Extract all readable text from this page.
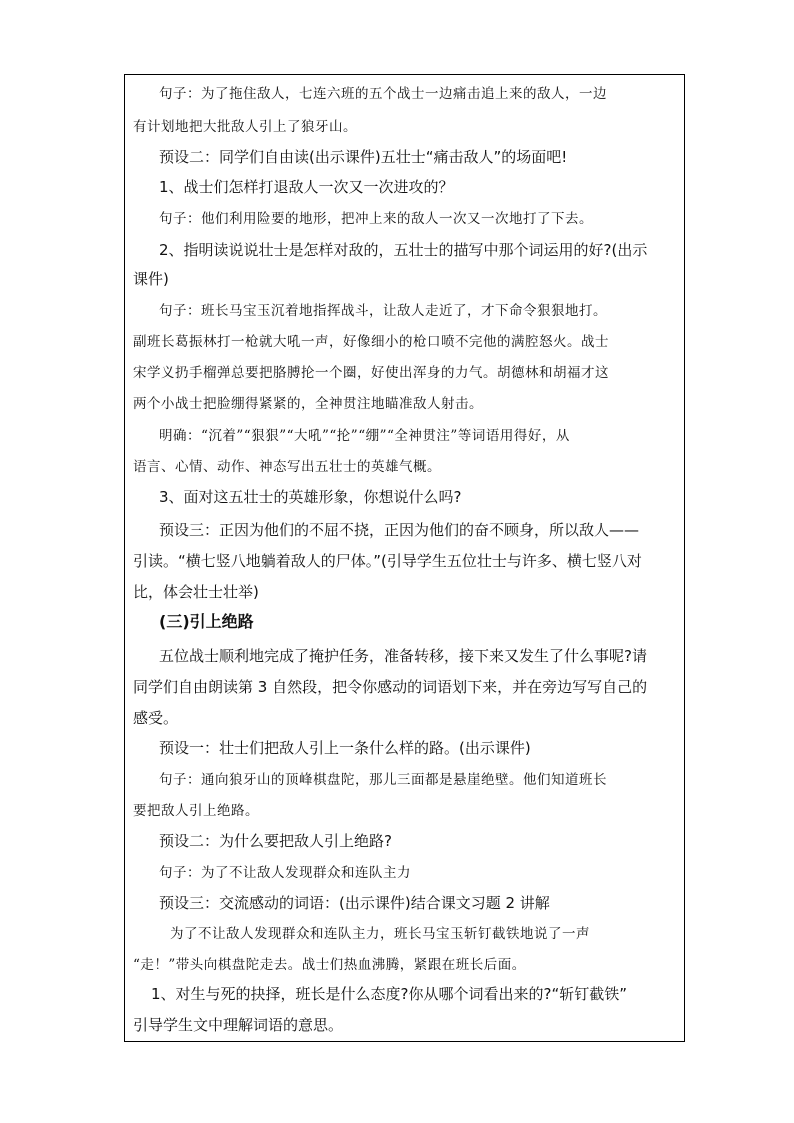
句子：为了拖住敌人，七连六班的五个战士一边痛击追上来的敌人，一边
有计划地把大批敌人引上了狼牙山。
预设二：同学们自由读(出示课件)五壮士“痛击敌人”的场面吧!
1、战士们怎样打退敌人一次又一次进攻的？
句子：他们利用险要的地形，把冲上来的敌人一次又一次地打了下去。
2、指明读说说壮士是怎样对敌的，五壮士的描写中那个词运用的好?(出示
课件)
句子：班长马宝玉沉着地指挥战斗，让敌人走近了，才下命令狠狠地打。
副班长葛振林打一枪就大吼一声，好像细小的枪口喷不完他的满腔怒火。战士
宋学义扔手榴弹总要把胳膊抡一个圈，好使出浑身的力气。胡德林和胡福才这
两个小战士把脸绷得紧紧的，全神贯注地瞄准敌人射击。
明确：“沉着”“狠狠”“大吼”“抡”“绷”“全神贯注”等词语用得好，从
语言、心情、动作、神态写出五壮士的英雄气概。
3、面对这五壮士的英雄形象，你想说什么吗?
预设三：正因为他们的不屈不挠，正因为他们的奋不顾身，所以敌人——
引读。“横七竖八地躺着敌人的尸体。”(引导学生五位壮士与许多、横七竖八对
比，体会壮士壮举)
(三)引上绝路
五位战士顺利地完成了掩护任务，准备转移，接下来又发生了什么事呢?请
同学们自由朗读第 3 自然段，把令你感动的词语划下来，并在旁边写写自己的
感受。
预设一：壮士们把敌人引上一条什么样的路。(出示课件)
句子：通向狼牙山的顶峰棋盘陀，那儿三面都是悬崖绝壁。他们知道班长
要把敌人引上绝路。
预设二：为什么要把敌人引上绝路?
句子：为了不让敌人发现群众和连队主力
预设三：交流感动的词语：(出示课件)结合课文习题 2 讲解
为了不让敌人发现群众和连队主力，班长马宝玉斩钉截铁地说了一声
“走！”带头向棋盘陀走去。战士们热血沸腾，紧跟在班长后面。
1、对生与死的抉择，班长是什么态度?你从哪个词看出来的?“斩钉截铁”
引导学生文中理解词语的意思。
